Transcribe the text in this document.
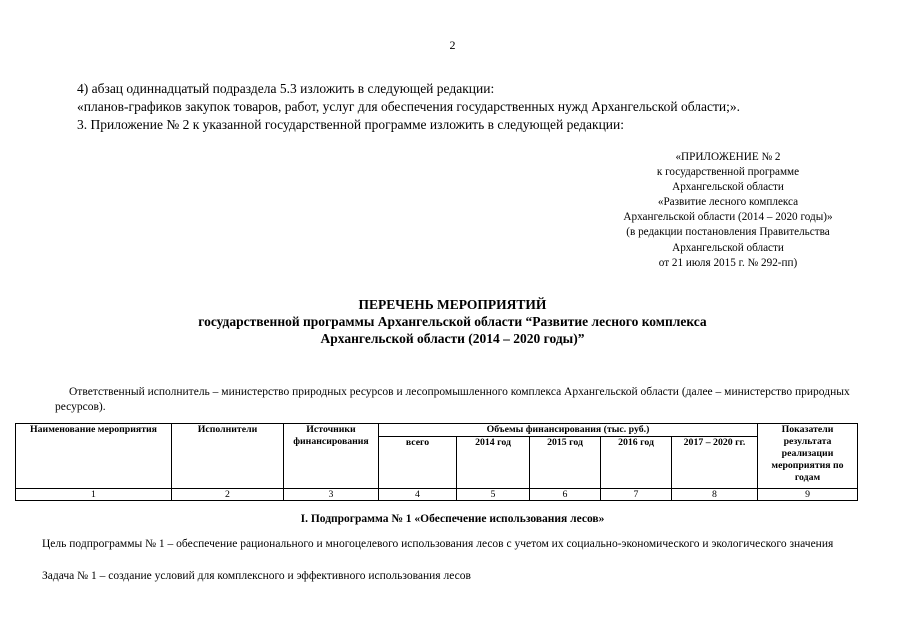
2
4) абзац одиннадцатый подраздела 5.3 изложить в следующей редакции:
«планов-графиков закупок товаров, работ, услуг для обеспечения государственных нужд Архангельской области;».
3. Приложение № 2 к указанной государственной программе изложить в следующей редакции:
«ПРИЛОЖЕНИЕ № 2
к государственной программе
Архангельской области
«Развитие лесного комплекса
Архангельской области (2014 – 2020 годы)»
(в редакции постановления Правительства
Архангельской области
от 21 июля 2015 г. № 292-пп)
ПЕРЕЧЕНЬ МЕРОПРИЯТИЙ
государственной программы Архангельской области “Развитие лесного комплекса
Архангельской области (2014 – 2020 годы)”
Ответственный исполнитель – министерство природных ресурсов и лесопромышленного комплекса Архангельской области (далее – министерство природных ресурсов).
Наименование мероприятия	Исполнители	Источники финансирования	Объемы финансирования (тыс. руб.)					Показатели результата реализации мероприятия по годам
			всего	2014 год	2015 год	2016 год	2017 – 2020 гг.	
1	2	3	4	5	6	7	8	9
I. Подпрограмма № 1 «Обеспечение использования лесов»
Цель подпрограммы № 1 – обеспечение рационального и многоцелевого использования лесов с учетом их социально-экономического и экологического значения
Задача № 1 – создание условий для комплексного и эффективного использования лесов
